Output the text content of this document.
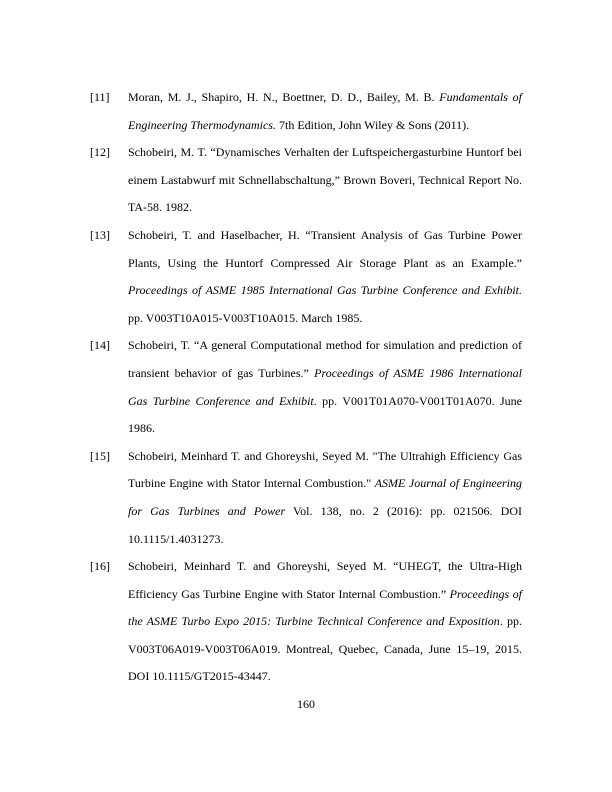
[11] Moran, M. J., Shapiro, H. N., Boettner, D. D., Bailey, M. B. Fundamentals of Engineering Thermodynamics. 7th Edition, John Wiley & Sons (2011).

[12] Schobeiri, M. T. “Dynamisches Verhalten der Luftspeichergasturbine Huntorf bei einem Lastabwurf mit Schnellabschaltung,” Brown Boveri, Technical Report No. TA-58. 1982.

[13] Schobeiri, T. and Haselbacher, H. “Transient Analysis of Gas Turbine Power Plants, Using the Huntorf Compressed Air Storage Plant as an Example.” Proceedings of ASME 1985 International Gas Turbine Conference and Exhibit. pp. V003T10A015-V003T10A015. March 1985.

[14] Schobeiri, T. “A general Computational method for simulation and prediction of transient behavior of gas Turbines.” Proceedings of ASME 1986 International Gas Turbine Conference and Exhibit. pp. V001T01A070-V001T01A070. June 1986.

[15] Schobeiri, Meinhard T. and Ghoreyshi, Seyed M. "The Ultrahigh Efficiency Gas Turbine Engine with Stator Internal Combustion." ASME Journal of Engineering for Gas Turbines and Power Vol. 138, no. 2 (2016): pp. 021506. DOI 10.1115/1.4031273.

[16] Schobeiri, Meinhard T. and Ghoreyshi, Seyed M. “UHEGT, the Ultra-High Efficiency Gas Turbine Engine with Stator Internal Combustion.” Proceedings of the ASME Turbo Expo 2015: Turbine Technical Conference and Exposition. pp. V003T06A019-V003T06A019. Montreal, Quebec, Canada, June 15–19, 2015. DOI 10.1115/GT2015-43447.

160
